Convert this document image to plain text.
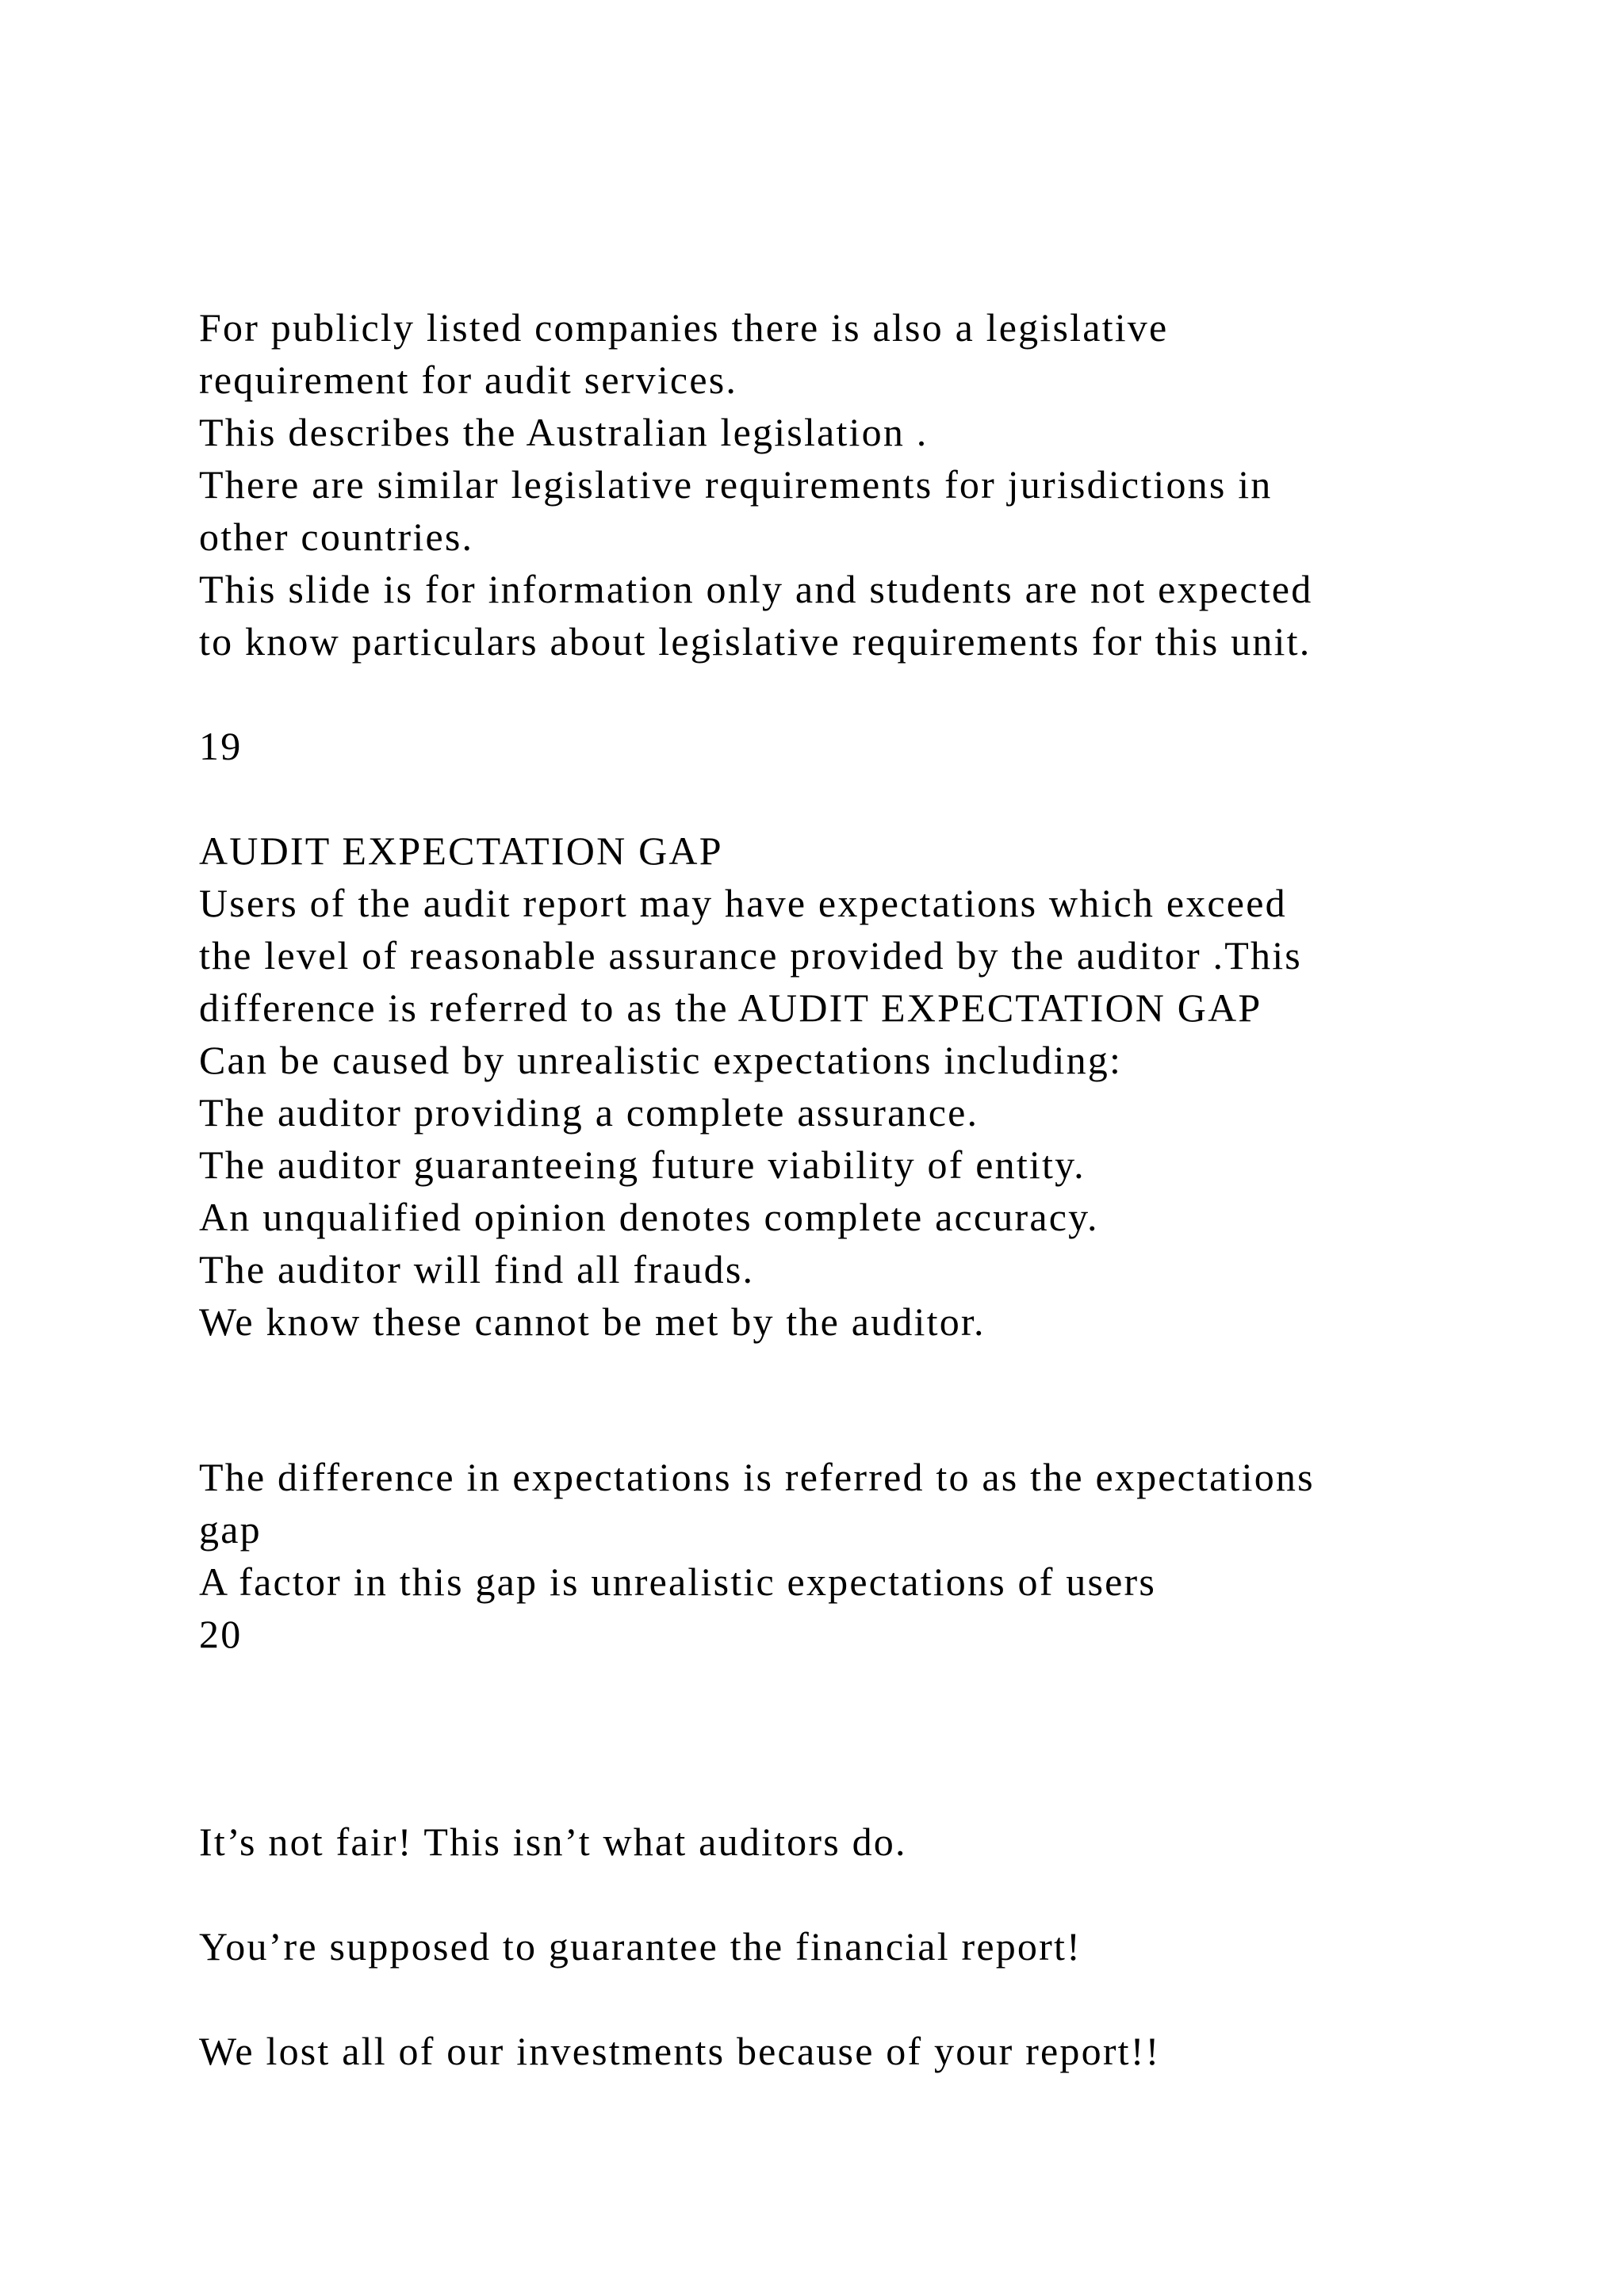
For publicly listed companies there is also a legislative

requirement for audit services.

This describes the Australian legislation .

There are similar legislative requirements for jurisdictions in

other countries.

This slide is for information only and students are not expected

to know particulars about legislative requirements for this unit.

19

AUDIT EXPECTATION GAP

Users of the audit report may have expectations which exceed

the level of reasonable assurance provided by the auditor .This

difference is referred to as the AUDIT EXPECTATION GAP

Can be caused by unrealistic expectations including:

The auditor providing a complete assurance.

The auditor guaranteeing future viability of entity.

An unqualified opinion denotes complete accuracy.

The auditor will find all frauds.

We know these cannot be met by the auditor.

The difference in expectations is referred to as the expectations

gap

A factor in this gap is unrealistic expectations of users

20

It’s not fair! This isn’t what auditors do.

You’re supposed to guarantee the financial report!

We lost all of our investments because of your report!!
